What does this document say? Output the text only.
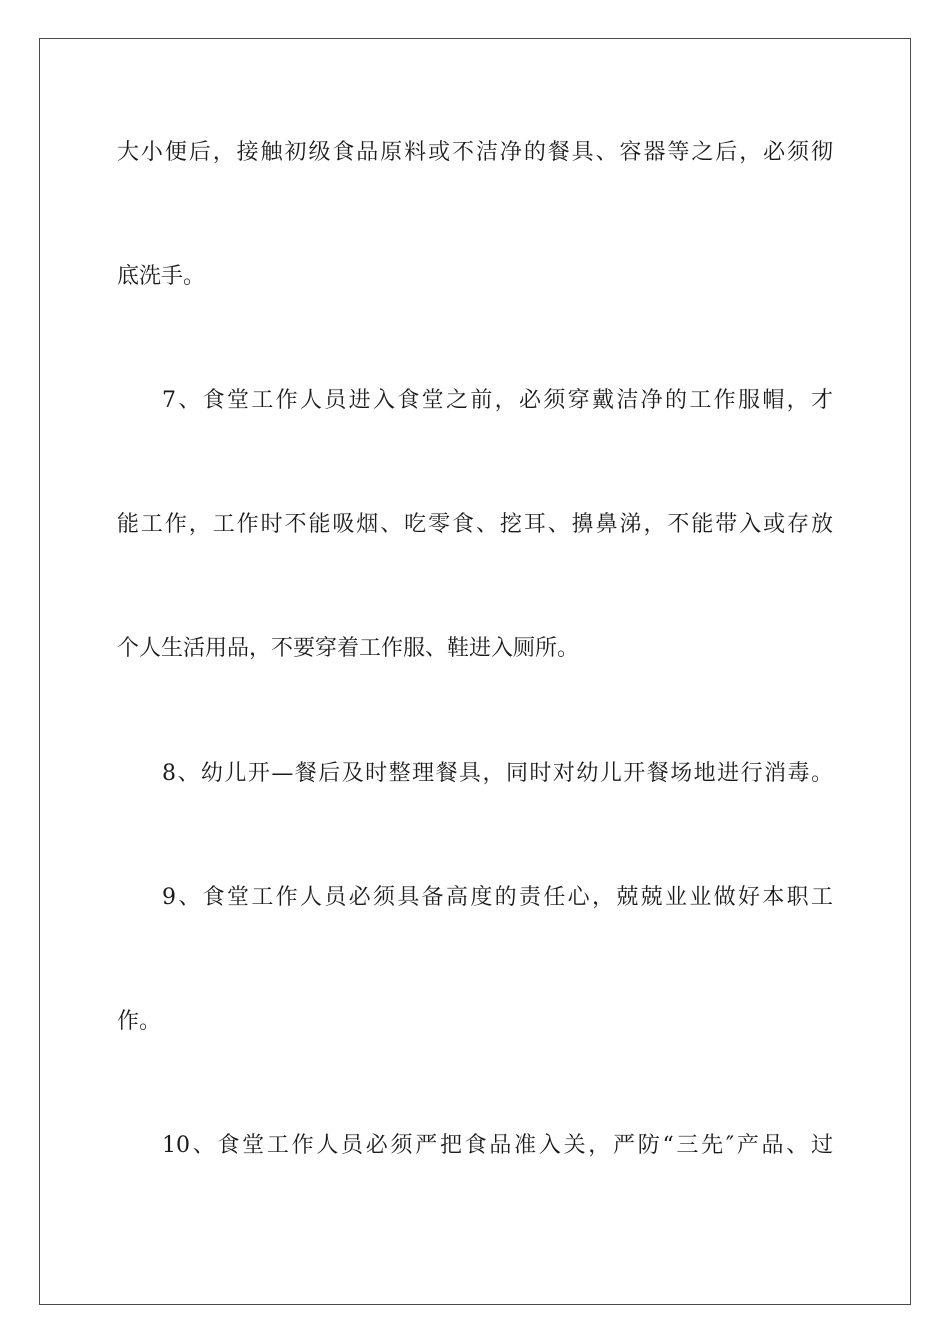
大小便后，接触初级食品原料或不洁净的餐具、容器等之后，必须彻
底洗手。
7、食堂工作人员进入食堂之前，必须穿戴洁净的工作服帽，才
能工作，工作时不能吸烟、吃零食、挖耳、擤鼻涕，不能带入或存放
个人生活用品，不要穿着工作服、鞋进入厕所。
8、幼儿开—餐后及时整理餐具，同时对幼儿开餐场地进行消毒。
9、食堂工作人员必须具备高度的责任心，兢兢业业做好本职工
作。
10、食堂工作人员必须严把食品准入关，严防“三先″产品、过
